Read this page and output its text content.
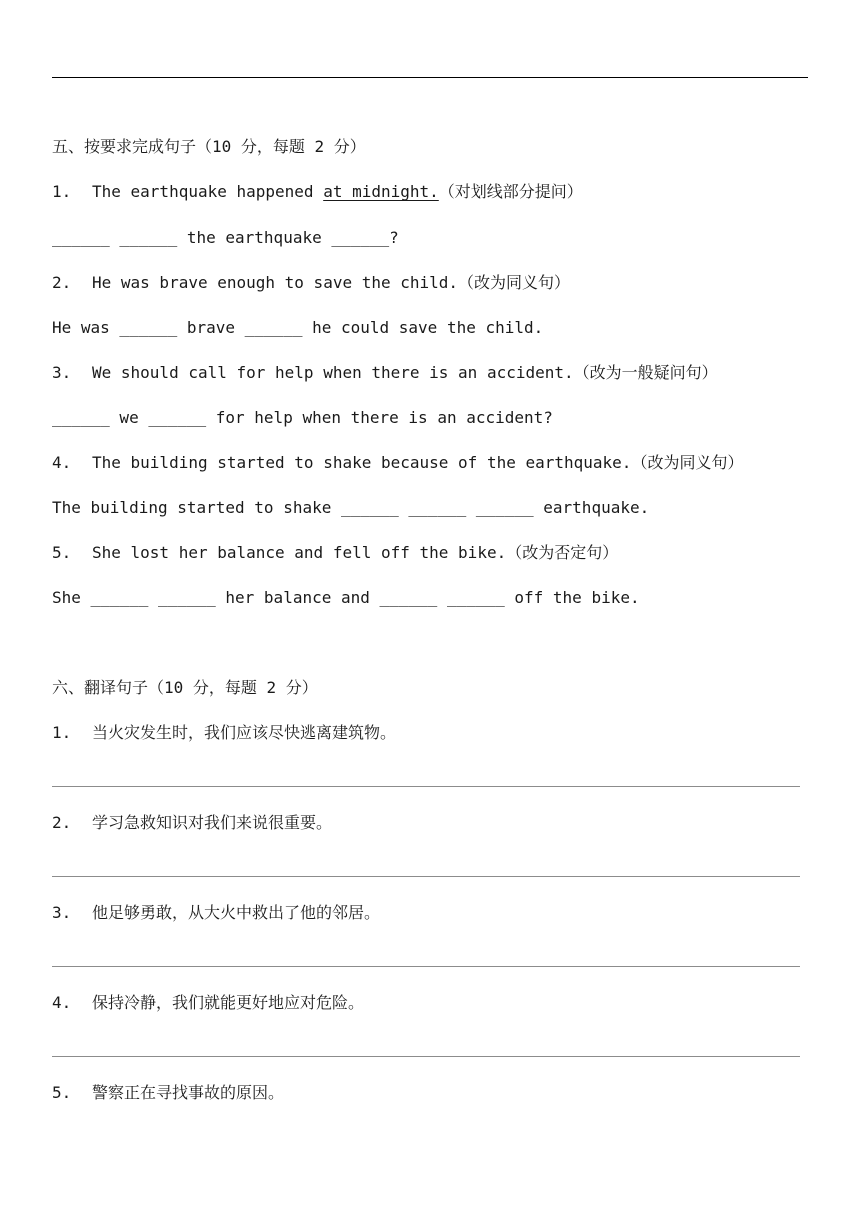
五、按要求完成句子（10 分，每题 2 分）
1. The earthquake happened at midnight.（对划线部分提问）
______ ______ the earthquake ______?
2. He was brave enough to save the child.（改为同义句）
He was ______ brave ______ he could save the child.
3. We should call for help when there is an accident.（改为一般疑问句）
______ we ______ for help when there is an accident?
4. The building started to shake because of the earthquake.（改为同义句）
The building started to shake ______ ______ ______ earthquake.
5. She lost her balance and fell off the bike.（改为否定句）
She ______ ______ her balance and ______ ______ off the bike.
六、翻译句子（10 分，每题 2 分）
1. 当火灾发生时，我们应该尽快逃离建筑物。
2. 学习急救知识对我们来说很重要。
3. 他足够勇敢，从大火中救出了他的邻居。
4. 保持冷静，我们就能更好地应对危险。
5. 警察正在寻找事故的原因。
